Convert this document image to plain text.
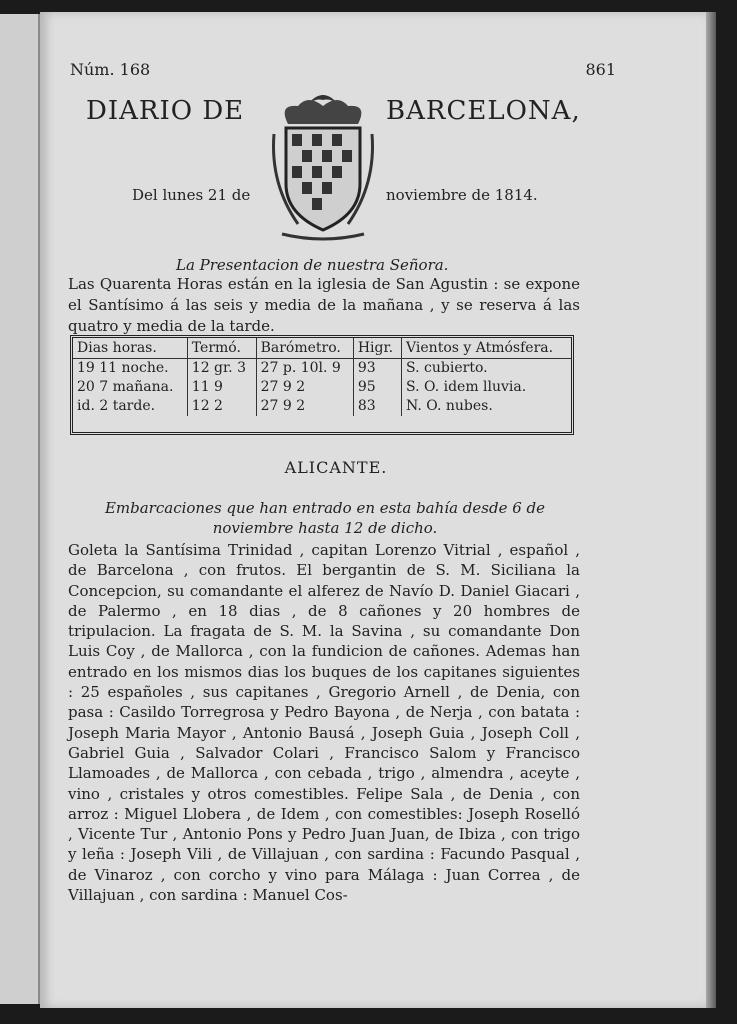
Núm. 168	861
DIARIO DE	BARCELONA,
Del lunes 21 de	noviembre de 1814.
La Presentacion de nuestra Señora.
Las Quarenta Horas están en la iglesia de San Agustin : se expone el Santísimo á las seis y media de la mañana , y se reserva á las quatro y media de la tarde.
Dias horas.	Termó.	Barómetro.	Higr.	Vientos y Atmósfera.
19 11 noche.	12 gr. 3	27 p. 10l. 9	93	S. cubierto.
20 7 mañana.	11 9	27 9 2	95	S. O. idem lluvia.
id. 2 tarde.	12 2	27 9 2	83	N. O. nubes.
ALICANTE.
Embarcaciones que han entrado en esta bahía desde 6 de noviembre hasta 12 de dicho.
Goleta la Santísima Trinidad , capitan Lorenzo Vitrial , español , de Barcelona , con frutos. El bergantin de S. M. Siciliana la Concepcion, su comandante el alferez de Navío D. Daniel Giacari , de Palermo , en 18 dias , de 8 cañones y 20 hombres de tripulacion. La fragata de S. M. la Savina , su comandante Don Luis Coy , de Mallorca , con la fundicion de cañones. Ademas han entrado en los mismos dias los buques de los capitanes siguientes : 25 españoles , sus capitanes , Gregorio Arnell , de Denia, con pasa : Casildo Torregrosa y Pedro Bayona , de Nerja , con batata : Joseph Maria Mayor , Antonio Bausá , Joseph Guia , Joseph Coll , Gabriel Guia , Salvador Colari , Francisco Salom y Francisco Llamoades , de Mallorca , con cebada , trigo , almendra , aceyte , vino , cristales y otros comestibles. Felipe Sala , de Denia , con arroz : Miguel Llobera , de Idem , con comestibles: Joseph Roselló , Vicente Tur , Antonio Pons y Pedro Juan Juan, de Ibiza , con trigo y leña : Joseph Vili , de Villajuan , con sardina : Facundo Pasqual , de Vinaroz , con corcho y vino para Málaga : Juan Correa , de Villajuan , con sardina : Manuel Cos-
